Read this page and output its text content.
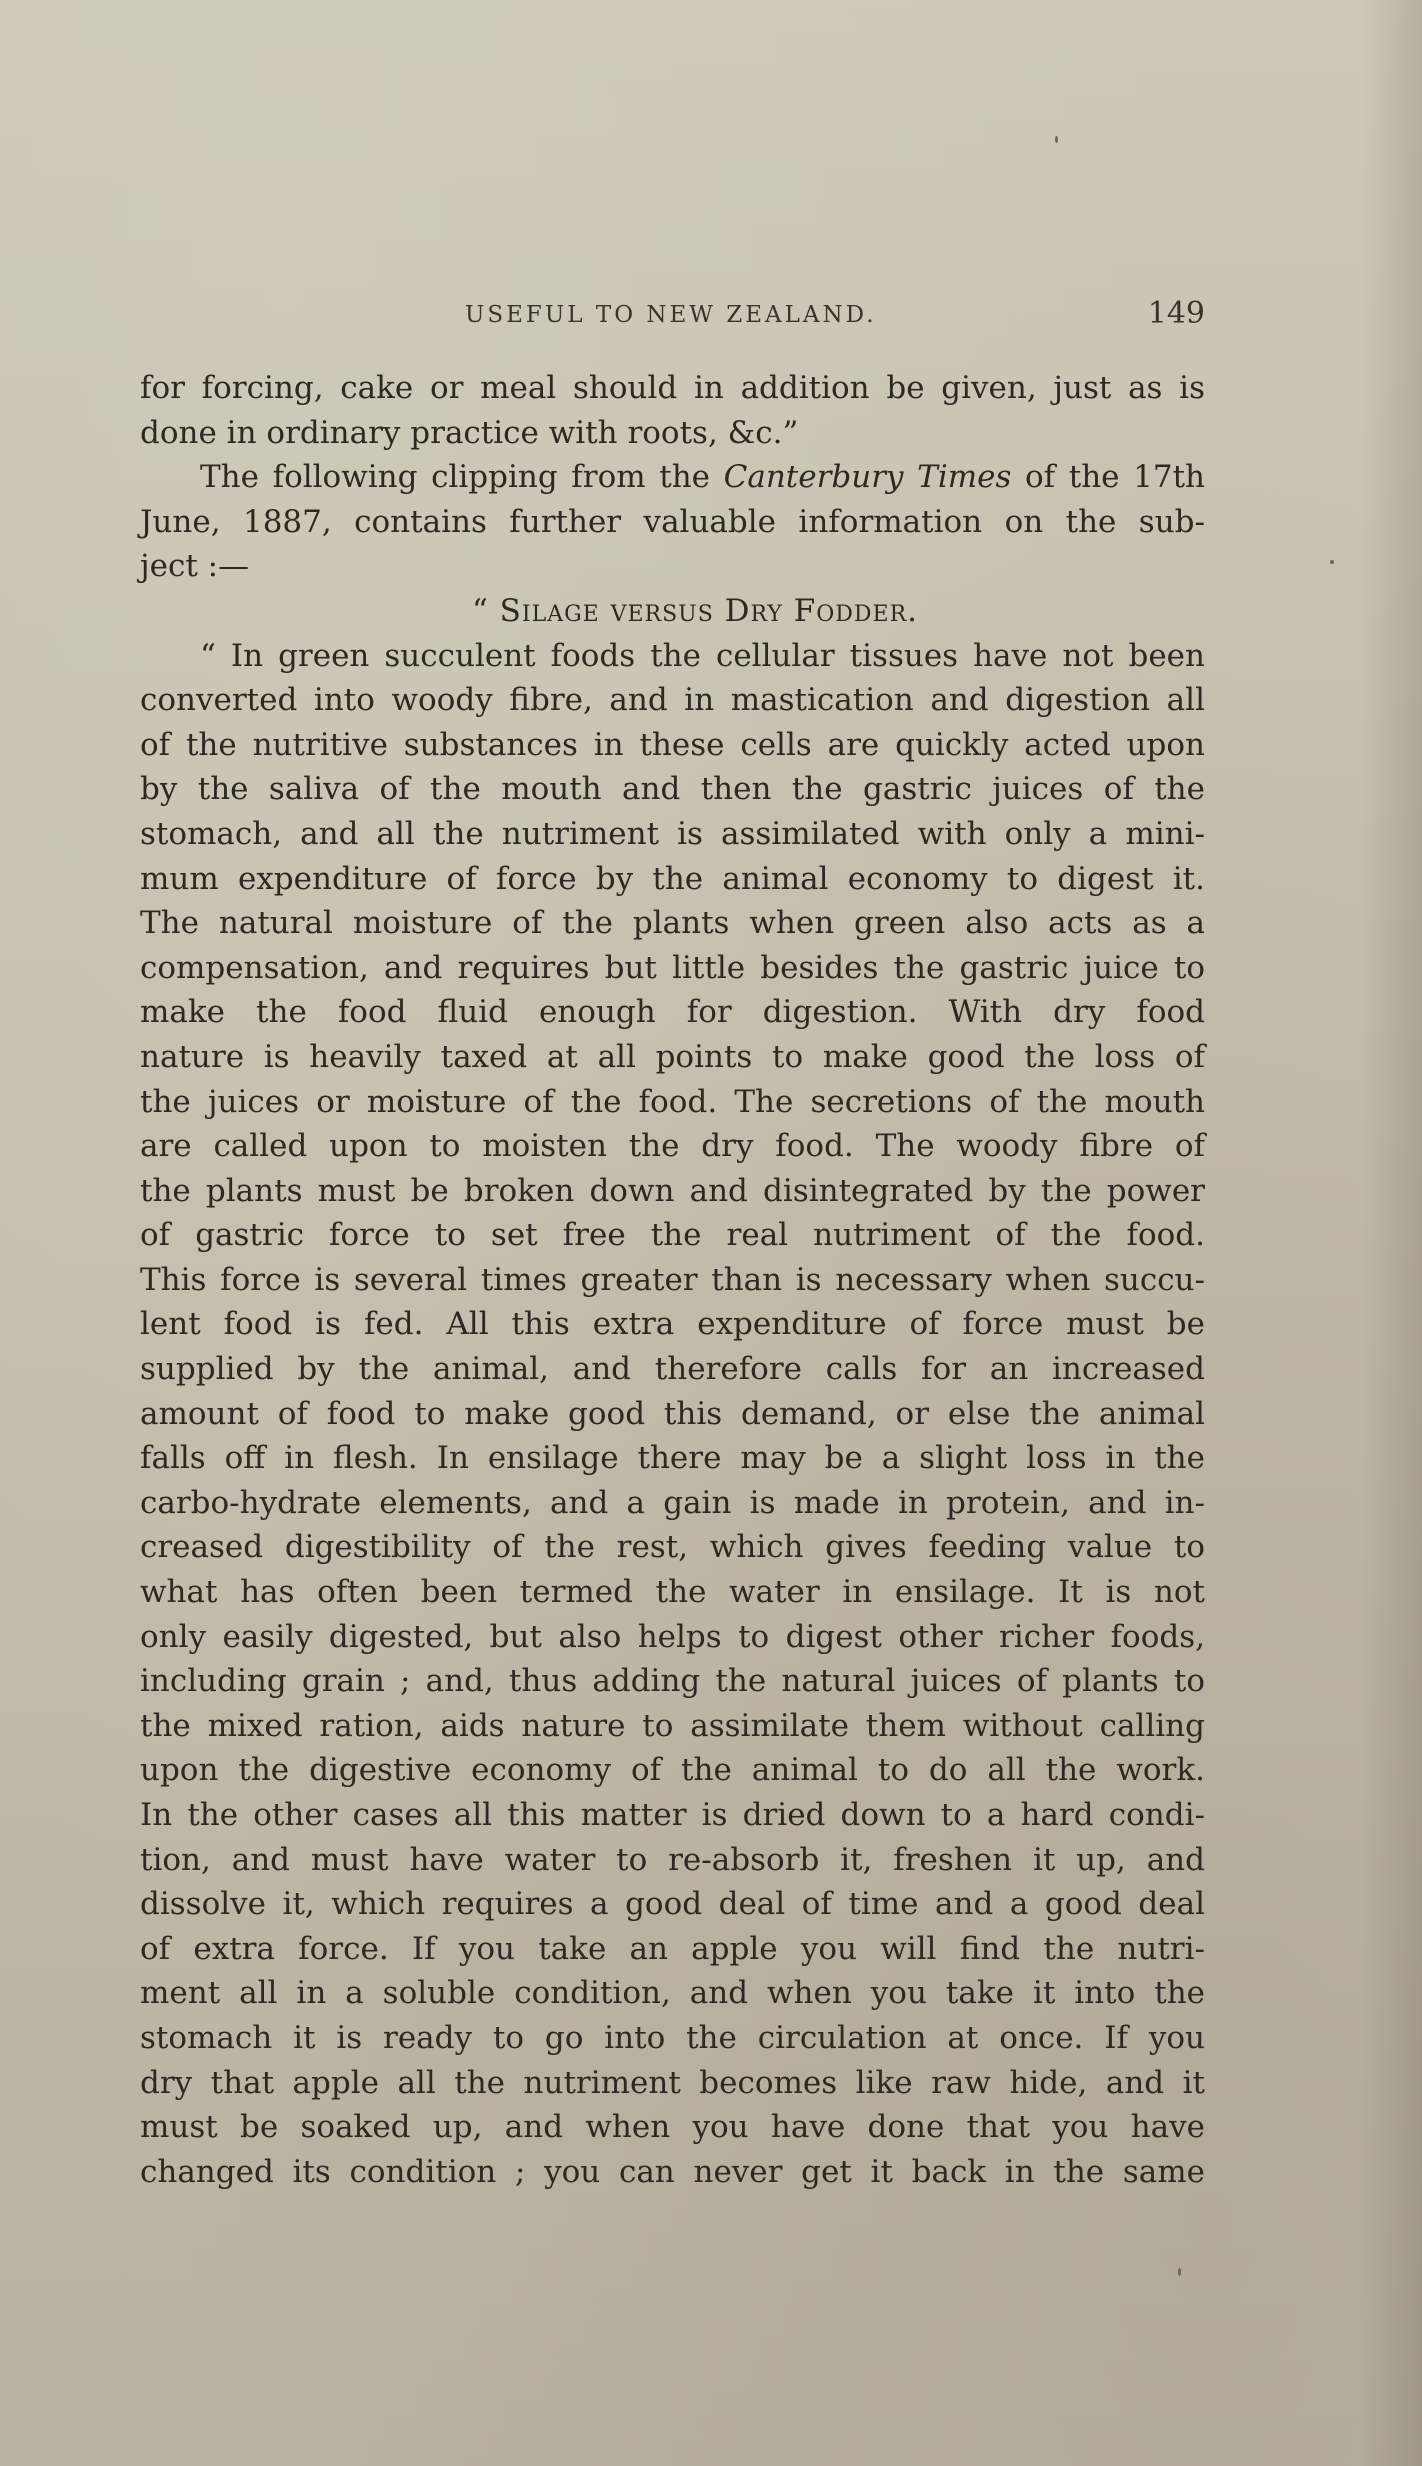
USEFUL TO NEW ZEALAND.	149
for forcing, cake or meal should in addition be given, just as is
done in ordinary practice with roots, &c.”
The following clipping from the Canterbury Times of the 17th
June, 1887, contains further valuable information on the sub-
ject :—
“ Silage versus Dry Fodder.
“ In green succulent foods the cellular tissues have not been
converted into woody fibre, and in mastication and digestion all
of the nutritive substances in these cells are quickly acted upon
by the saliva of the mouth and then the gastric juices of the
stomach, and all the nutriment is assimilated with only a mini-
mum expenditure of force by the animal economy to digest it.
The natural moisture of the plants when green also acts as a
compensation, and requires but little besides the gastric juice to
make the food fluid enough for digestion. With dry food
nature is heavily taxed at all points to make good the loss of
the juices or moisture of the food. The secretions of the mouth
are called upon to moisten the dry food. The woody fibre of
the plants must be broken down and disintegrated by the power
of gastric force to set free the real nutriment of the food.
This force is several times greater than is necessary when succu-
lent food is fed. All this extra expenditure of force must be
supplied by the animal, and therefore calls for an increased
amount of food to make good this demand, or else the animal
falls off in flesh. In ensilage there may be a slight loss in the
carbo-hydrate elements, and a gain is made in protein, and in-
creased digestibility of the rest, which gives feeding value to
what has often been termed the water in ensilage. It is not
only easily digested, but also helps to digest other richer foods,
including grain ; and, thus adding the natural juices of plants to
the mixed ration, aids nature to assimilate them without calling
upon the digestive economy of the animal to do all the work.
In the other cases all this matter is dried down to a hard condi-
tion, and must have water to re-absorb it, freshen it up, and
dissolve it, which requires a good deal of time and a good deal
of extra force. If you take an apple you will find the nutri-
ment all in a soluble condition, and when you take it into the
stomach it is ready to go into the circulation at once. If you
dry that apple all the nutriment becomes like raw hide, and it
must be soaked up, and when you have done that you have
changed its condition ; you can never get it back in the same
